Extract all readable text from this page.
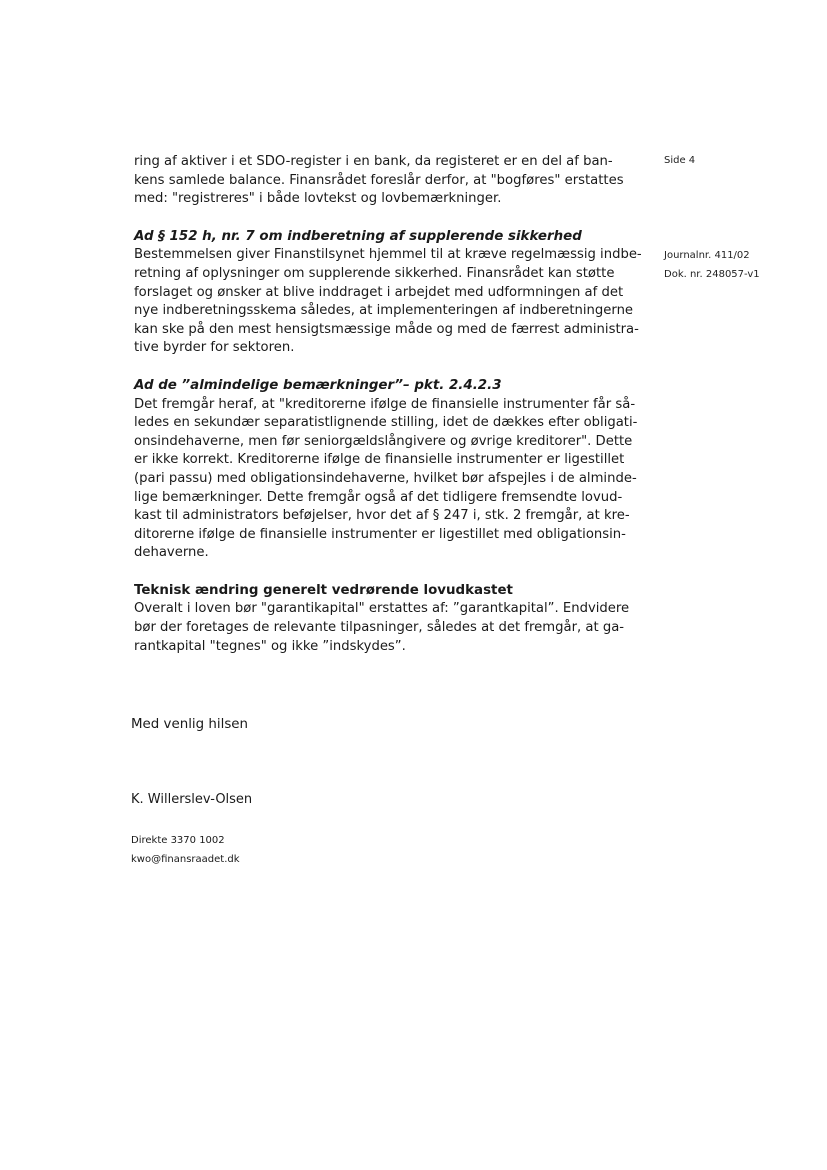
Side 4
Journalnr. 411/02
Dok. nr. 248057-v1

ring af aktiver i et SDO-register i en bank, da registeret er en del af ban-
kens samlede balance. Finansrådet foreslår derfor, at "bogføres" erstattes
med: "registreres" i både lovtekst og lovbemærkninger.

Ad § 152 h, nr. 7 om indberetning af supplerende sikkerhed

Bestemmelsen giver Finanstilsynet hjemmel til at kræve regelmæssig indbe-
retning af oplysninger om supplerende sikkerhed. Finansrådet kan støtte
forslaget og ønsker at blive inddraget i arbejdet med udformningen af det
nye indberetningsskema således, at implementeringen af indberetningerne
kan ske på den mest hensigtsmæssige måde og med de færrest administra-
tive byrder for sektoren.

Ad de ”almindelige bemærkninger”– pkt. 2.4.2.3

Det fremgår heraf, at "kreditorerne ifølge de finansielle instrumenter får så-
ledes en sekundær separatistlignende stilling, idet de dækkes efter obligati-
onsindehaverne, men før seniorgældslångivere og øvrige kreditorer". Dette
er ikke korrekt. Kreditorerne ifølge de finansielle instrumenter er ligestillet
(pari passu) med obligationsindehaverne, hvilket bør afspejles i de alminde-
lige bemærkninger. Dette fremgår også af det tidligere fremsendte lovud-
kast til administrators beføjelser, hvor det af § 247 i, stk. 2 fremgår, at kre-
ditorerne ifølge de finansielle instrumenter er ligestillet med obligationsin-
dehaverne.

Teknisk ændring generelt vedrørende lovudkastet

Overalt i loven bør "garantikapital" erstattes af: ”garantkapital”. Endvidere
bør der foretages de relevante tilpasninger, således at det fremgår, at ga-
rantkapital "tegnes" og ikke ”indskydes”.

Med venlig hilsen
K. Willerslev-Olsen
Direkte 3370 1002
kwo@finansraadet.dk
